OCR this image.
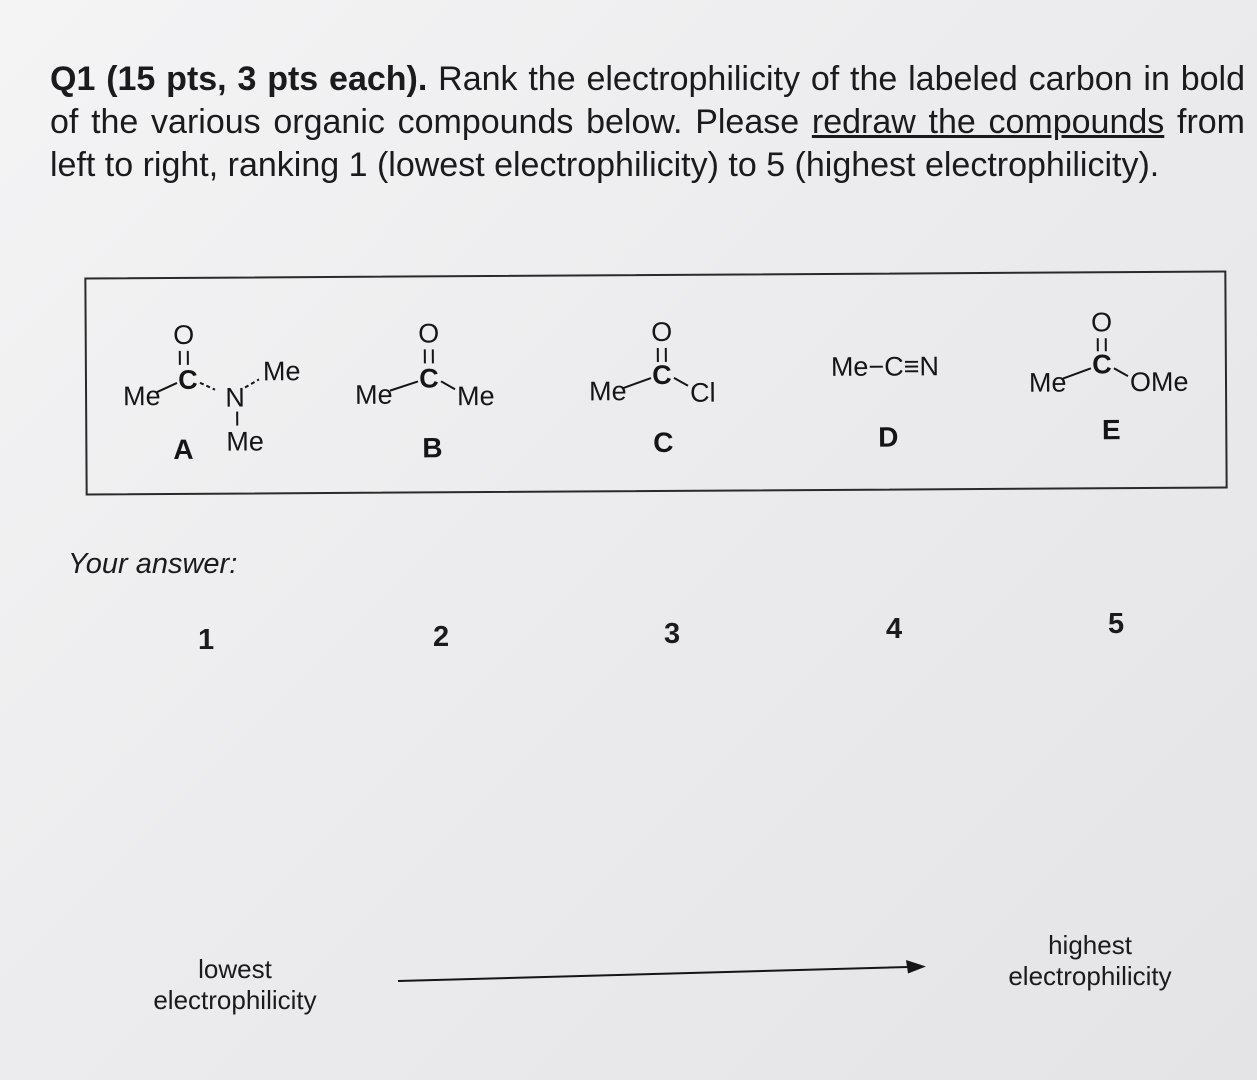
Q1 (15 pts, 3 pts each). Rank the electrophilicity of the labeled carbon in bold of the various organic compounds below. Please redraw the compounds from left to right, ranking 1 (lowest electrophilicity) to 5 (highest electrophilicity).

O
C
Me N
Me
Me
A
O
C
Me Me
B
O
C
Me Cl
C
Me−C≡N
D
O
C
Me OMe
E
Your answer:
1	2	3	4	5
lowest
electrophilicity
highest
electrophilicity
